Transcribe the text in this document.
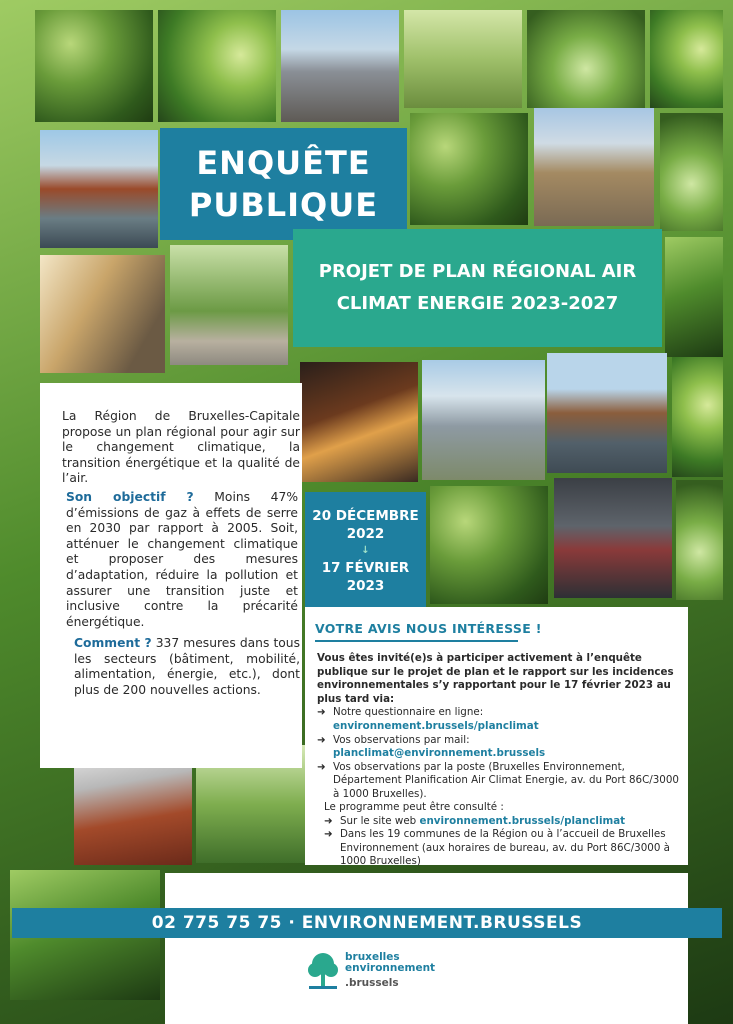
ENQUÊTE
PUBLIQUE
PROJET DE PLAN RÉGIONAL AIR
CLIMAT ENERGIE 2023-2027

La Région de Bruxelles-Capitale propose un plan régional pour agir sur le changement climatique, la transition énergétique et la qualité de l’air.

Son objectif ? Moins 47% d’émissions de gaz à effets de serre en 2030 par rapport à 2005. Soit, atténuer le changement climatique et proposer des mesures d’adaptation, réduire la pollution et assurer une transition juste et inclusive contre la précarité énergétique.

Comment ? 337 mesures dans tous les secteurs (bâtiment, mobilité, alimentation, énergie, etc.), dont plus de 200 nouvelles actions.

20 DÉCEMBRE
2022
↓
17 FÉVRIER
2023
VOTRE AVIS NOUS INTÉRESSE !
Vous êtes invité(e)s à participer activement à l’enquête publique sur le projet de plan et le rapport sur les incidences environnementales s’y rapportant pour le 17 février 2023 au plus tard via:
➜ Notre questionnaire en ligne: environnement.brussels/planclimat
➜ Vos observations par mail: planclimat@environnement.brussels
➜ Vos observations par la poste (Bruxelles Environnement, Département Planification Air Climat Energie, av. du Port 86C/3000 à 1000 Bruxelles).
Le programme peut être consulté :
➜ Sur le site web environnement.brussels/planclimat
➜ Dans les 19 communes de la Région ou à l’accueil de Bruxelles Environnement (aux horaires de bureau, av. du Port 86C/3000 à 1000 Bruxelles)
02 775 75 75 · ENVIRONNEMENT.BRUSSELS
bruxelles
environnement
.brussels
